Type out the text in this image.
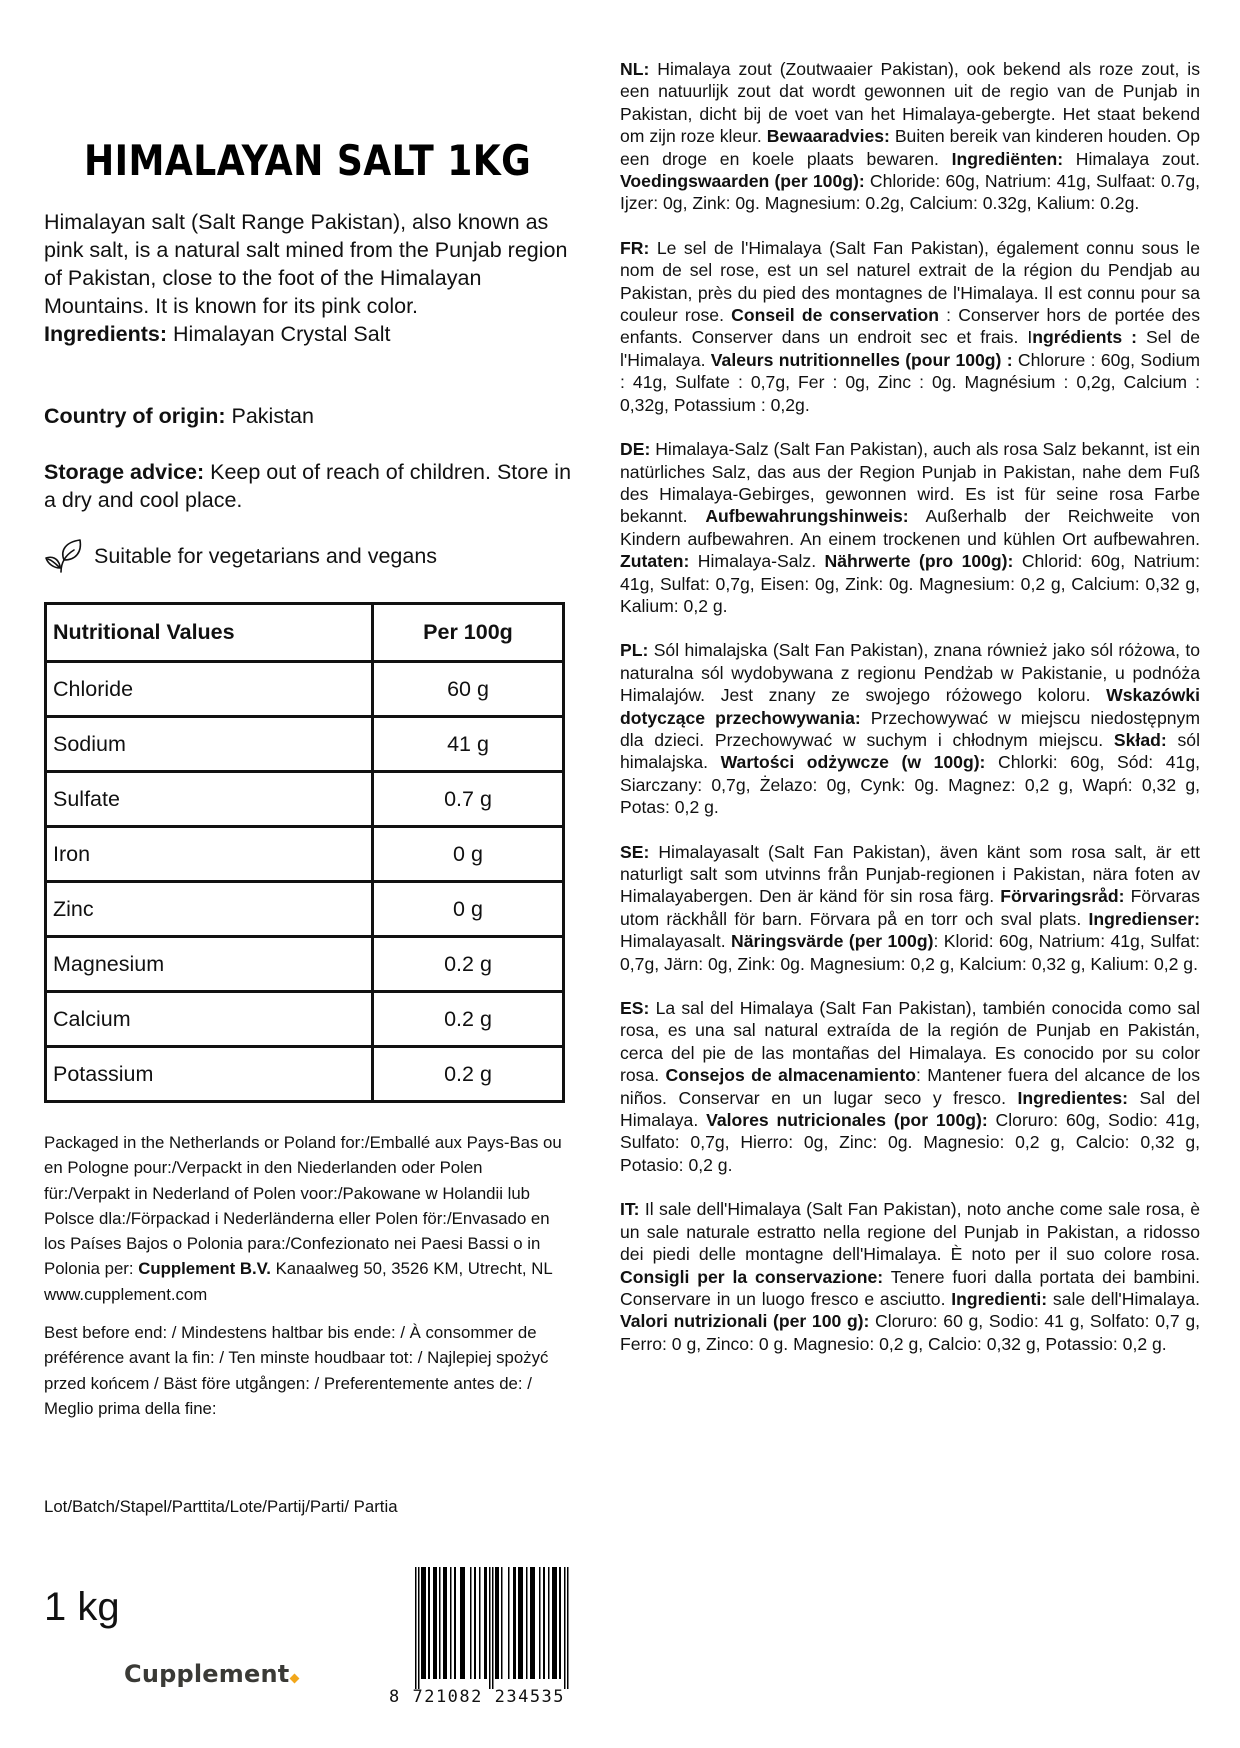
HIMALAYAN SALT 1KG

Himalayan salt (Salt Range Pakistan), also known as pink salt, is a natural salt mined from the Punjab region of Pakistan, close to the foot of the Himalayan Mountains. It is known for its pink color.

Ingredients: Himalayan Crystal Salt

Country of origin: Pakistan
Storage advice: Keep out of reach of children. Store in a dry and cool place.
Suitable for vegetarians and vegans
Nutritional Values	Per 100g
Chloride	60 g
Sodium	41 g
Sulfate	0.7 g
Iron	0 g
Zinc	0 g
Magnesium	0.2 g
Calcium	0.2 g
Potassium	0.2 g
Packaged in the Netherlands or Poland for:/Emballé aux Pays-Bas ou en Pologne pour:/Verpackt in den Niederlanden oder Polen für:/Verpakt in Nederland of Polen voor:/Pakowane w Holandii lub Polsce dla:/Förpackad i Nederländerna eller Polen för:/Envasado en los Países Bajos o Polonia para:/Confezionato nei Paesi Bassi o in Polonia per: Cupplement B.V. Kanaalweg 50, 3526 KM, Utrecht, NL www.cupplement.com
Best before end: / Mindestens haltbar bis ende: / À consommer de préférence avant la fin: / Ten minste houdbaar tot: / Najlepiej spożyć przed końcem / Bäst före utgången: / Preferentemente antes de: / Meglio prima della fine:
Lot/Batch/Stapel/Parttita/Lote/Partij/Parti/ Partia
1 kg
Cupplement
8 721082 234535

NL: Himalaya zout (Zoutwaaier Pakistan), ook bekend als roze zout, is een natuurlijk zout dat wordt gewonnen uit de regio van de Punjab in Pakistan, dicht bij de voet van het Himalaya-gebergte. Het staat bekend om zijn roze kleur. Bewaaradvies: Buiten bereik van kinderen houden. Op een droge en koele plaats bewaren. Ingrediënten: Himalaya zout. Voedingswaarden (per 100g): Chloride: 60g, Natrium: 41g, Sulfaat: 0.7g, Ijzer: 0g, Zink: 0g. Magnesium: 0.2g, Calcium: 0.32g, Kalium: 0.2g.

FR: Le sel de l'Himalaya (Salt Fan Pakistan), également connu sous le nom de sel rose, est un sel naturel extrait de la région du Pendjab au Pakistan, près du pied des montagnes de l'Himalaya. Il est connu pour sa couleur rose. Conseil de conservation : Conserver hors de portée des enfants. Conserver dans un endroit sec et frais. Ingrédients : Sel de l'Himalaya. Valeurs nutritionnelles (pour 100g) : Chlorure : 60g, Sodium : 41g, Sulfate : 0,7g, Fer : 0g, Zinc : 0g. Magnésium : 0,2g, Calcium : 0,32g, Potassium : 0,2g.

DE: Himalaya-Salz (Salt Fan Pakistan), auch als rosa Salz bekannt, ist ein natürliches Salz, das aus der Region Punjab in Pakistan, nahe dem Fuß des Himalaya-Gebirges, gewonnen wird. Es ist für seine rosa Farbe bekannt. Aufbewahrungshinweis: Außerhalb der Reichweite von Kindern aufbewahren. An einem trockenen und kühlen Ort aufbewahren. Zutaten: Himalaya-Salz. Nährwerte (pro 100g): Chlorid: 60g, Natrium: 41g, Sulfat: 0,7g, Eisen: 0g, Zink: 0g. Magnesium: 0,2 g, Calcium: 0,32 g, Kalium: 0,2 g.

PL: Sól himalajska (Salt Fan Pakistan), znana również jako sól różowa, to naturalna sól wydobywana z regionu Pendżab w Pakistanie, u podnóża Himalajów. Jest znany ze swojego różowego koloru. Wskazówki dotyczące przechowywania: Przechowywać w miejscu niedostępnym dla dzieci. Przechowywać w suchym i chłodnym miejscu. Skład: sól himalajska. Wartości odżywcze (w 100g): Chlorki: 60g, Sód: 41g, Siarczany: 0,7g, Żelazo: 0g, Cynk: 0g. Magnez: 0,2 g, Wapń: 0,32 g, Potas: 0,2 g.

SE: Himalayasalt (Salt Fan Pakistan), även känt som rosa salt, är ett naturligt salt som utvinns från Punjab-regionen i Pakistan, nära foten av Himalayabergen. Den är känd för sin rosa färg. Förvaringsråd: Förvaras utom räckhåll för barn. Förvara på en torr och sval plats. Ingredienser: Himalayasalt. Näringsvärde (per 100g): Klorid: 60g, Natrium: 41g, Sulfat: 0,7g, Järn: 0g, Zink: 0g. Magnesium: 0,2 g, Kalcium: 0,32 g, Kalium: 0,2 g.

ES: La sal del Himalaya (Salt Fan Pakistan), también conocida como sal rosa, es una sal natural extraída de la región de Punjab en Pakistán, cerca del pie de las montañas del Himalaya. Es conocido por su color rosa. Consejos de almacenamiento: Mantener fuera del alcance de los niños. Conservar en un lugar seco y fresco. Ingredientes: Sal del Himalaya. Valores nutricionales (por 100g): Cloruro: 60g, Sodio: 41g, Sulfato: 0,7g, Hierro: 0g, Zinc: 0g. Magnesio: 0,2 g, Calcio: 0,32 g, Potasio: 0,2 g.

IT: Il sale dell'Himalaya (Salt Fan Pakistan), noto anche come sale rosa, è un sale naturale estratto nella regione del Punjab in Pakistan, a ridosso dei piedi delle montagne dell'Himalaya. È noto per il suo colore rosa. Consigli per la conservazione: Tenere fuori dalla portata dei bambini. Conservare in un luogo fresco e asciutto. Ingredienti: sale dell'Himalaya. Valori nutrizionali (per 100 g): Cloruro: 60 g, Sodio: 41 g, Solfato: 0,7 g, Ferro: 0 g, Zinco: 0 g. Magnesio: 0,2 g, Calcio: 0,32 g, Potassio: 0,2 g.
